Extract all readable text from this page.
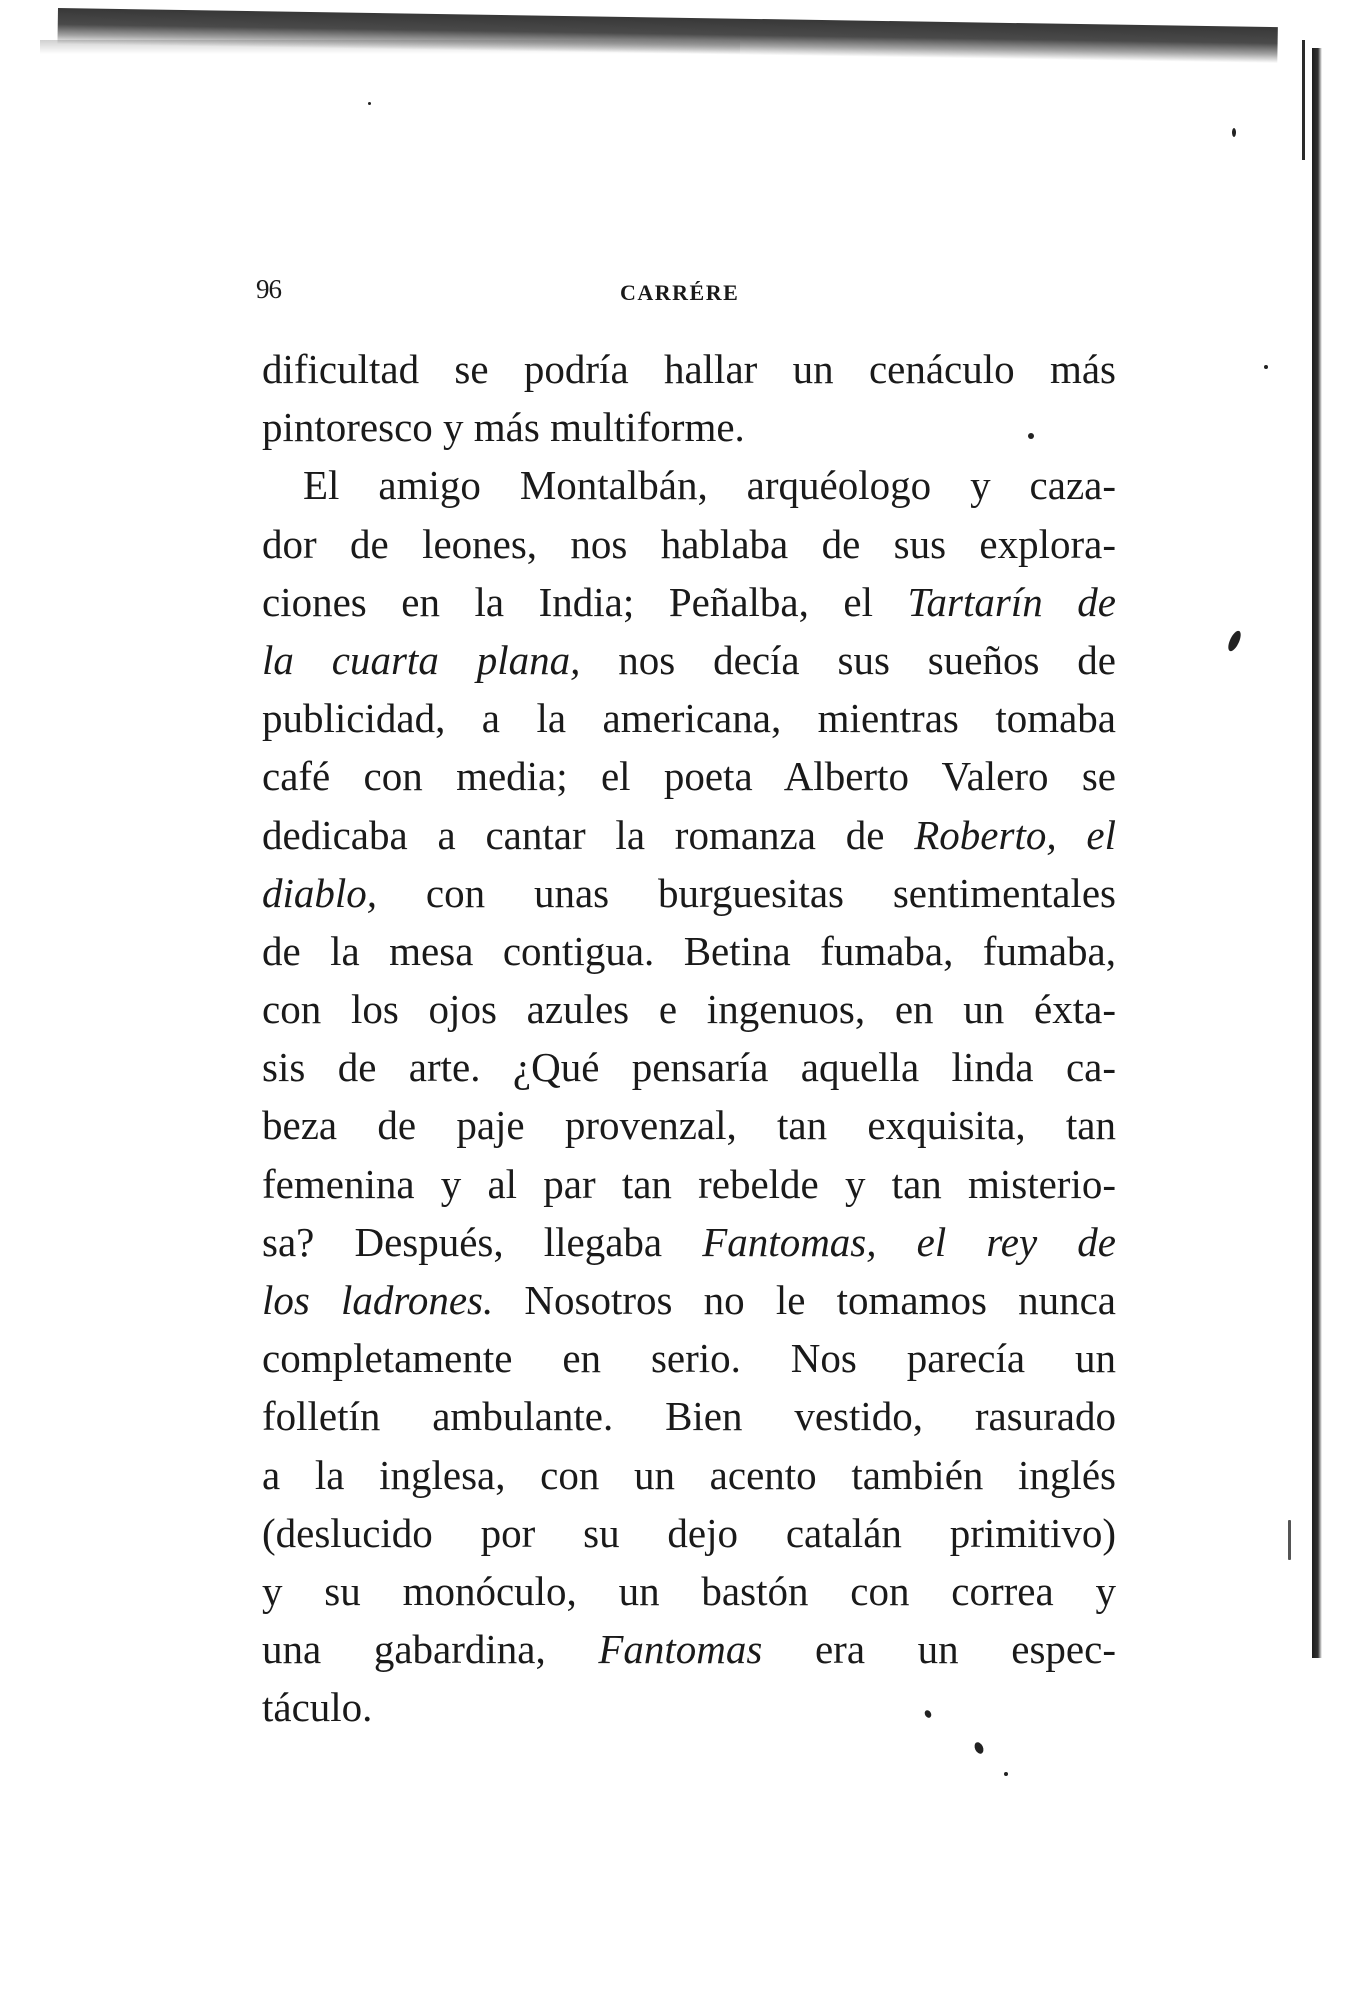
96	CARRÉRE
dificultad se podría hallar un cenáculo más
pintoresco y más multiforme.
El amigo Montalbán, arquéologo y caza-
dor de leones, nos hablaba de sus explora-
ciones en la India; Peñalba, el Tartarín de
la cuarta plana, nos decía sus sueños de
publicidad, a la americana, mientras tomaba
café con media; el poeta Alberto Valero se
dedicaba a cantar la romanza de Roberto, el
diablo, con unas burguesitas sentimentales
de la mesa contigua. Betina fumaba, fumaba,
con los ojos azules e ingenuos, en un éxta-
sis de arte. ¿Qué pensaría aquella linda ca-
beza de paje provenzal, tan exquisita, tan
femenina y al par tan rebelde y tan misterio-
sa? Después, llegaba Fantomas, el rey de
los ladrones. Nosotros no le tomamos nunca
completamente en serio. Nos parecía un
folletín ambulante. Bien vestido, rasurado
a la inglesa, con un acento también inglés
(deslucido por su dejo catalán primitivo)
y su monóculo, un bastón con correa y
una gabardina, Fantomas era un espec-
táculo.
